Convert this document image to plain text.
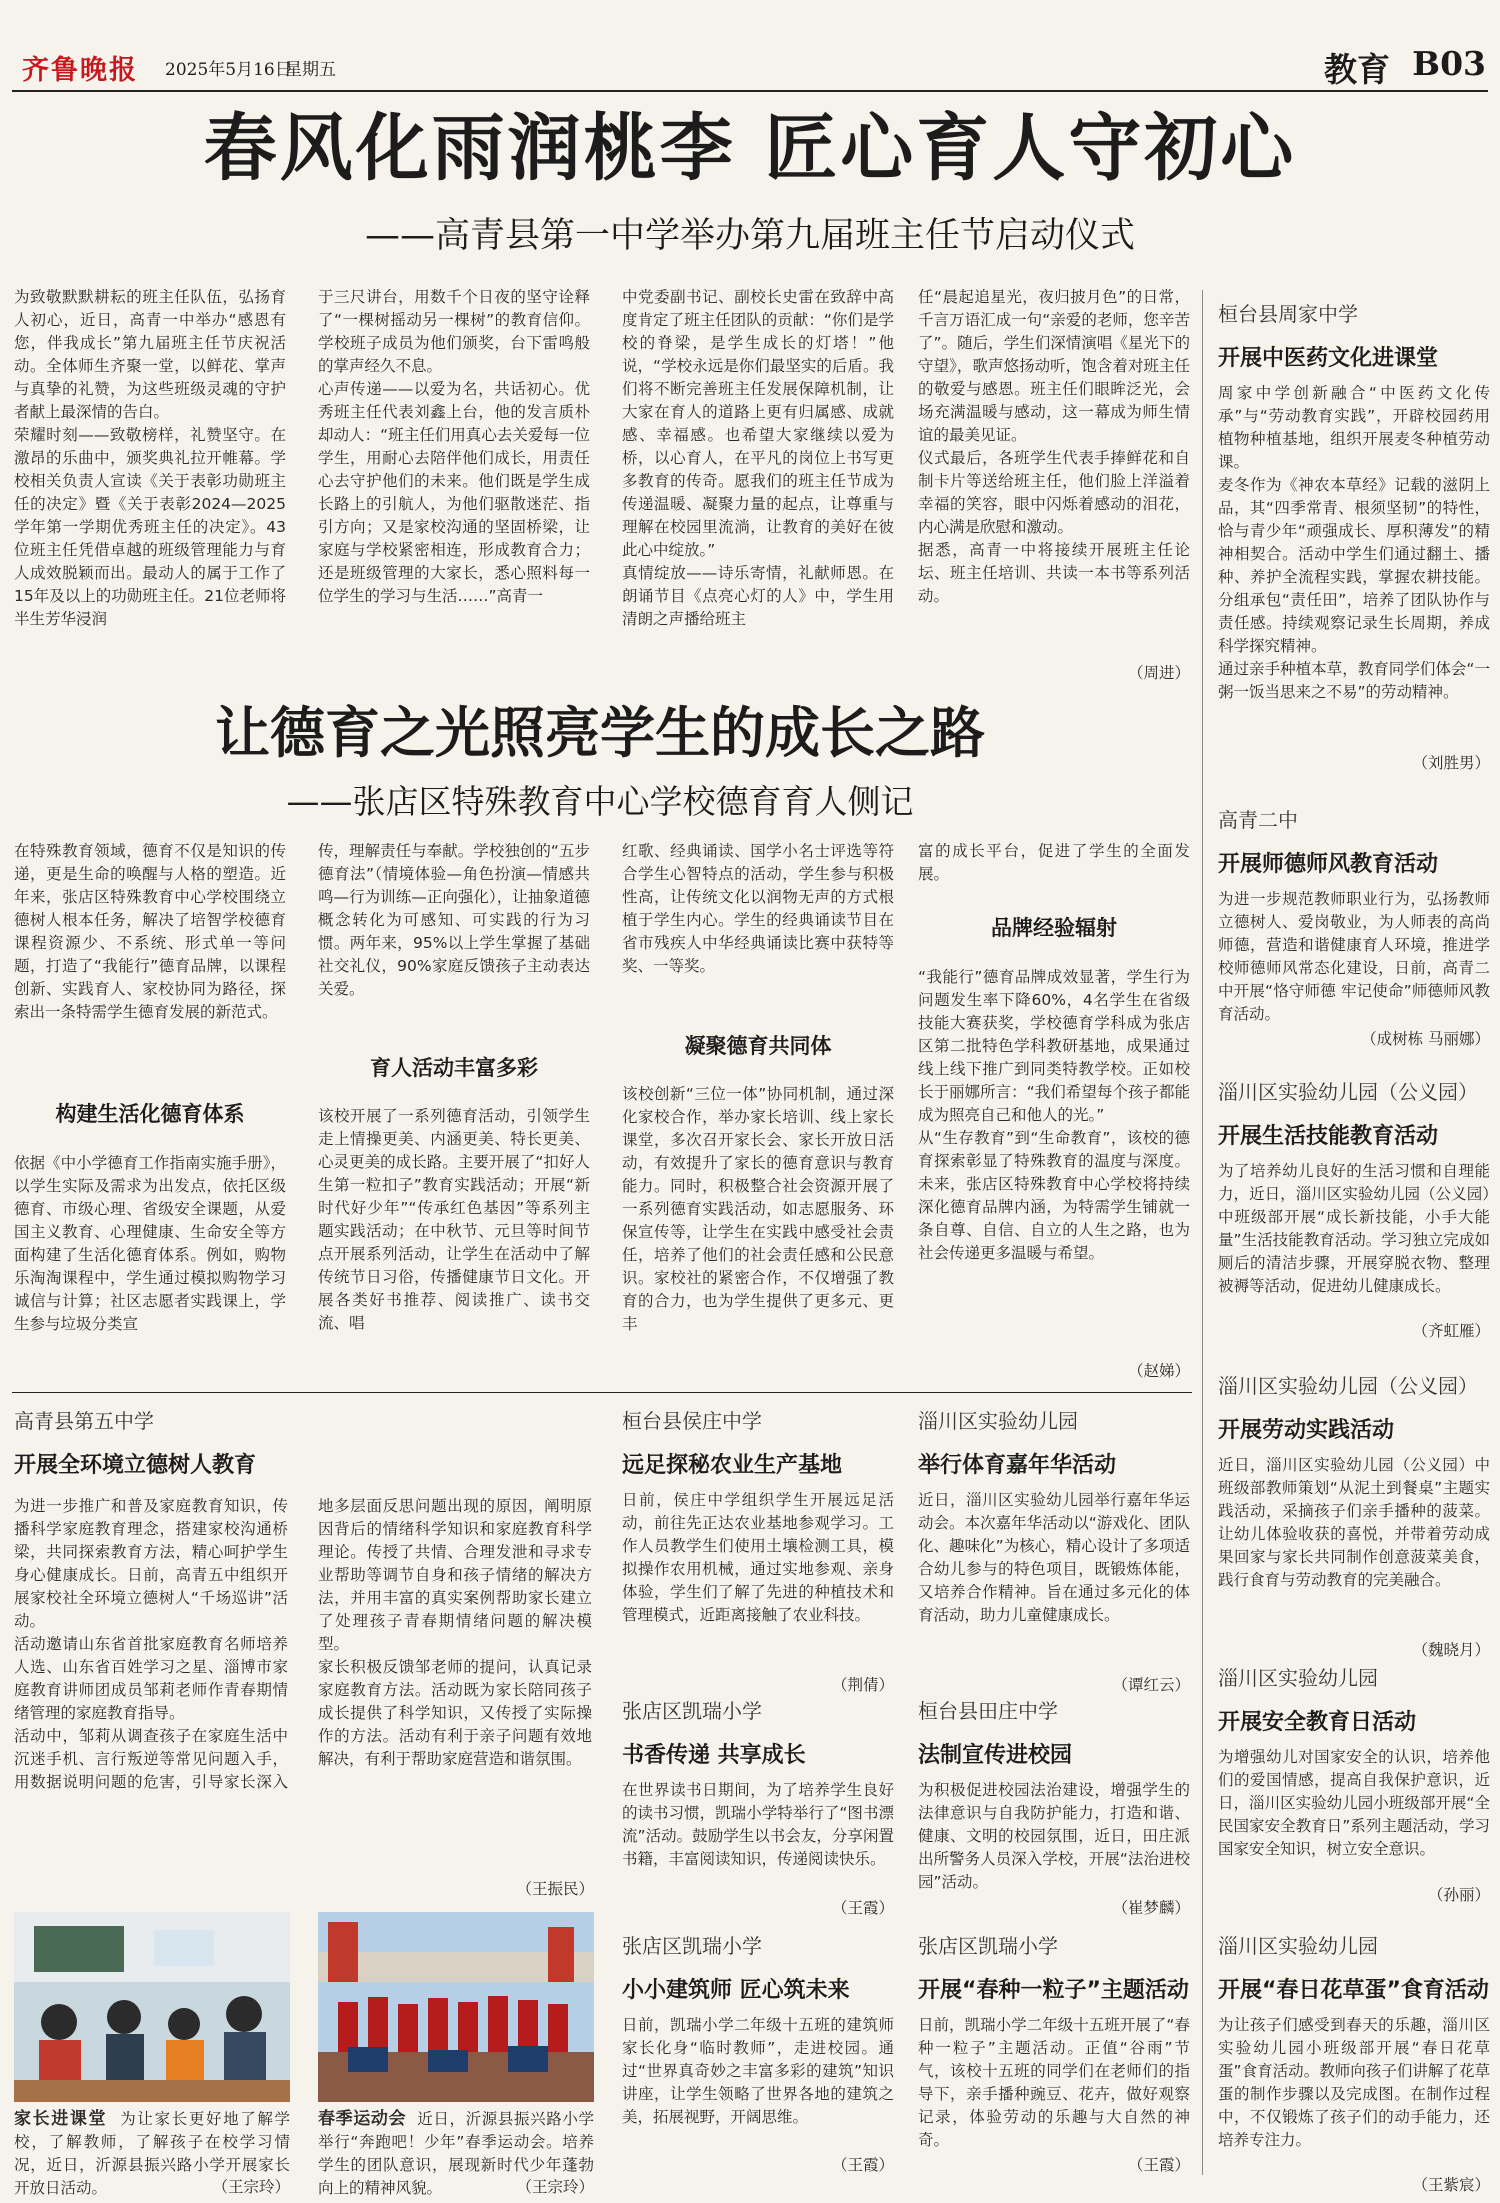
齐鲁晚报 2025年5月16日
星期五	教育 B03
春风化雨润桃李 匠心育人守初心
——高青县第一中学举办第九届班主任节启动仪式
为致敬默默耕耘的班主任队伍，弘扬育人初心，近日，高青一中举办“感恩有您，伴我成长”第九届班主任节庆祝活动。全体师生齐聚一堂，以鲜花、掌声与真挚的礼赞，为这些班级灵魂的守护者献上最深情的告白。
荣耀时刻——致敬榜样，礼赞坚守。在激昂的乐曲中，颁奖典礼拉开帷幕。学校相关负责人宣读《关于表彰功勋班主任的决定》暨《关于表彰2024—2025学年第一学期优秀班主任的决定》。43位班主任凭借卓越的班级管理能力与育人成效脱颖而出。最动人的属于工作了15年及以上的功勋班主任。21位老师将半生芳华浸润
于三尺讲台，用数千个日夜的坚守诠释了“一棵树摇动另一棵树”的教育信仰。学校班子成员为他们颁奖，台下雷鸣般的掌声经久不息。
心声传递——以爱为名，共话初心。优秀班主任代表刘鑫上台，他的发言质朴却动人：“班主任们用真心去关爱每一位学生，用耐心去陪伴他们成长，用责任心去守护他们的未来。他们既是学生成长路上的引航人，为他们驱散迷茫、指引方向；又是家校沟通的坚固桥梁，让家庭与学校紧密相连，形成教育合力；还是班级管理的大家长，悉心照料每一位学生的学习与生活……”高青一
中党委副书记、副校长史雷在致辞中高度肯定了班主任团队的贡献：“你们是学校的脊梁，是学生成长的灯塔！”他说，“学校永远是你们最坚实的后盾。我们将不断完善班主任发展保障机制，让大家在育人的道路上更有归属感、成就感、幸福感。也希望大家继续以爱为桥，以心育人，在平凡的岗位上书写更多教育的传奇。愿我们的班主任节成为传递温暖、凝聚力量的起点，让尊重与理解在校园里流淌，让教育的美好在彼此心中绽放。”
真情绽放——诗乐寄情，礼献师恩。在朗诵节目《点亮心灯的人》中，学生用清朗之声播给班主
任“晨起追星光，夜归披月色”的日常，千言万语汇成一句“亲爱的老师，您辛苦了”。随后，学生们深情演唱《星光下的守望》，歌声悠扬动听，饱含着对班主任的敬爱与感恩。班主任们眼眸泛光，会场充满温暖与感动，这一幕成为师生情谊的最美见证。
仪式最后，各班学生代表手捧鲜花和自制卡片等送给班主任，他们脸上洋溢着幸福的笑容，眼中闪烁着感动的泪花，内心满是欣慰和激动。
据悉，高青一中将接续开展班主任论坛、班主任培训、共读一本书等系列活动。
（周进）
让德育之光照亮学生的成长之路
——张店区特殊教育中心学校德育育人侧记
在特殊教育领域，德育不仅是知识的传递，更是生命的唤醒与人格的塑造。近年来，张店区特殊教育中心学校围绕立德树人根本任务，解决了培智学校德育课程资源少、不系统、形式单一等问题，打造了“我能行”德育品牌，以课程创新、实践育人、家校协同为路径，探索出一条特需学生德育发展的新范式。
构建生活化德育体系
依据《中小学德育工作指南实施手册》，以学生实际及需求为出发点，依托区级德育、市级心理、省级安全课题，从爱国主义教育、心理健康、生命安全等方面构建了生活化德育体系。例如，购物乐淘淘课程中，学生通过模拟购物学习诚信与计算；社区志愿者实践课上，学生参与垃圾分类宣
传，理解责任与奉献。学校独创的“五步德育法”（情境体验—角色扮演—情感共鸣—行为训练—正向强化），让抽象道德概念转化为可感知、可实践的行为习惯。两年来，95%以上学生掌握了基础社交礼仪，90%家庭反馈孩子主动表达关爱。
育人活动丰富多彩
该校开展了一系列德育活动，引领学生走上情操更美、内涵更美、特长更美、心灵更美的成长路。主要开展了“扣好人生第一粒扣子”教育实践活动；开展“新时代好少年”“传承红色基因”等系列主题实践活动；在中秋节、元旦等时间节点开展系列活动，让学生在活动中了解传统节日习俗，传播健康节日文化。开展各类好书推荐、阅读推广、读书交流、唱
红歌、经典诵读、国学小名士评选等符合学生心智特点的活动，学生参与积极性高，让传统文化以润物无声的方式根植于学生内心。学生的经典诵读节目在省市残疾人中华经典诵读比赛中获特等奖、一等奖。
凝聚德育共同体
该校创新“三位一体”协同机制，通过深化家校合作，举办家长培训、线上家长课堂，多次召开家长会、家长开放日活动，有效提升了家长的德育意识与教育能力。同时，积极整合社会资源开展了一系列德育实践活动，如志愿服务、环保宣传等，让学生在实践中感受社会责任，培养了他们的社会责任感和公民意识。家校社的紧密合作，不仅增强了教育的合力，也为学生提供了更多元、更丰
富的成长平台，促进了学生的全面发展。
品牌经验辐射
“我能行”德育品牌成效显著，学生行为问题发生率下降60%，4名学生在省级技能大赛获奖，学校德育学科成为张店区第二批特色学科教研基地，成果通过线上线下推广到同类特教学校。正如校长于丽娜所言：“我们希望每个孩子都能成为照亮自己和他人的光。”
从“生存教育”到“生命教育”，该校的德育探索彰显了特殊教育的温度与深度。未来，张店区特殊教育中心学校将持续深化德育品牌内涵，为特需学生铺就一条自尊、自信、自立的人生之路，也为社会传递更多温暖与希望。
（赵娣）
桓台县周家中学
开展中医药文化进课堂
周家中学创新融合“中医药文化传承”与“劳动教育实践”，开辟校园药用植物种植基地，组织开展麦冬种植劳动课。
麦冬作为《神农本草经》记载的滋阴上品，其“四季常青、根须坚韧”的特性，恰与青少年“顽强成长、厚积薄发”的精神相契合。活动中学生们通过翻土、播种、养护全流程实践，掌握农耕技能。分组承包“责任田”，培养了团队协作与责任感。持续观察记录生长周期，养成科学探究精神。
通过亲手种植本草，教育同学们体会“一粥一饭当思来之不易”的劳动精神。
（刘胜男）
高青二中
开展师德师风教育活动
为进一步规范教师职业行为，弘扬教师立德树人、爱岗敬业，为人师表的高尚师德，营造和谐健康育人环境，推进学校师德师风常态化建设，日前，高青二中开展“恪守师德 牢记使命”师德师风教育活动。
（成树栋 马丽娜）
淄川区实验幼儿园（公义园）
开展生活技能教育活动
为了培养幼儿良好的生活习惯和自理能力，近日，淄川区实验幼儿园（公义园）中班级部开展“成长新技能，小手大能量”生活技能教育活动。学习独立完成如厕后的清洁步骤，开展穿脱衣物、整理被褥等活动，促进幼儿健康成长。
（齐虹雁）
淄川区实验幼儿园（公义园）
开展劳动实践活动
近日，淄川区实验幼儿园（公义园）中班级部教师策划“从泥土到餐桌”主题实践活动，采摘孩子们亲手播种的菠菜。让幼儿体验收获的喜悦，并带着劳动成果回家与家长共同制作创意菠菜美食，践行食育与劳动教育的完美融合。
（魏晓月）
淄川区实验幼儿园
开展安全教育日活动
为增强幼儿对国家安全的认识，培养他们的爱国情感，提高自我保护意识，近日，淄川区实验幼儿园小班级部开展“全民国家安全教育日”系列主题活动，学习国家安全知识，树立安全意识。
（孙丽）
淄川区实验幼儿园
开展“春日花草蛋”食育活动
为让孩子们感受到春天的乐趣，淄川区实验幼儿园小班级部开展“春日花草蛋”食育活动。教师向孩子们讲解了花草蛋的制作步骤以及完成图。在制作过程中，不仅锻炼了孩子们的动手能力，还培养专注力。
（王紫宸）
高青县第五中学
开展全环境立德树人教育
为进一步推广和普及家庭教育知识，传播科学家庭教育理念，搭建家校沟通桥梁，共同探索教育方法，精心呵护学生身心健康成长。日前，高青五中组织开展家校社全环境立德树人“千场巡讲”活动。
活动邀请山东省首批家庭教育名师培养人选、山东省百姓学习之星、淄博市家庭教育讲师团成员邹莉老师作青春期情绪管理的家庭教育指导。
活动中，邹莉从调查孩子在家庭生活中沉迷手机、言行叛逆等常见问题入手，用数据说明问题的危害，引导家长深入地多层面反思问题出现的原因，阐明原因背后的情绪科学知识和家庭教育科学理论。传授了共情、合理发泄和寻求专业帮助等调节自身和孩子情绪的解决方法，并用丰富的真实案例帮助家长建立了处理孩子青春期情绪问题的解决模型。
家长积极反馈邹老师的提问，认真记录家庭教育方法。活动既为家长陪同孩子成长提供了科学知识，又传授了实际操作的方法。活动有利于亲子问题有效地解决，有利于帮助家庭营造和谐氛围。
（王振民）
家长进课堂 为让家长更好地了解学校，了解教师，了解孩子在校学习情况，近日，沂源县振兴路小学开展家长开放日活动。	（王宗玲）
春季运动会 近日，沂源县振兴路小学举行“奔跑吧！少年”春季运动会。培养学生的团队意识，展现新时代少年蓬勃向上的精神风貌。	（王宗玲）
桓台县侯庄中学
远足探秘农业生产基地
日前，侯庄中学组织学生开展远足活动，前往先正达农业基地参观学习。工作人员教学生们使用土壤检测工具，模拟操作农用机械，通过实地参观、亲身体验，学生们了解了先进的种植技术和管理模式，近距离接触了农业科技。
（荆倩）
淄川区实验幼儿园
举行体育嘉年华活动
近日，淄川区实验幼儿园举行嘉年华运动会。本次嘉年华活动以“游戏化、团队化、趣味化”为核心，精心设计了多项适合幼儿参与的特色项目，既锻炼体能，又培养合作精神。旨在通过多元化的体育活动，助力儿童健康成长。
（谭红云）
张店区凯瑞小学
书香传递 共享成长
在世界读书日期间，为了培养学生良好的读书习惯，凯瑞小学特举行了“图书漂流”活动。鼓励学生以书会友，分享闲置书籍，丰富阅读知识，传递阅读快乐。
（王霞）
桓台县田庄中学
法制宣传进校园
为积极促进校园法治建设，增强学生的法律意识与自我防护能力，打造和谐、健康、文明的校园氛围，近日，田庄派出所警务人员深入学校，开展“法治进校园”活动。
（崔梦麟）
张店区凯瑞小学
小小建筑师 匠心筑未来
日前，凯瑞小学二年级十五班的建筑师家长化身“临时教师”，走进校园。通过“世界真奇妙之丰富多彩的建筑”知识讲座，让学生领略了世界各地的建筑之美，拓展视野，开阔思维。
（王霞）
张店区凯瑞小学
开展“春种一粒子”主题活动
日前，凯瑞小学二年级十五班开展了“春种一粒子”主题活动。正值“谷雨”节气，该校十五班的同学们在老师们的指导下，亲手播种豌豆、花卉，做好观察记录，体验劳动的乐趣与大自然的神奇。
（王霞）
